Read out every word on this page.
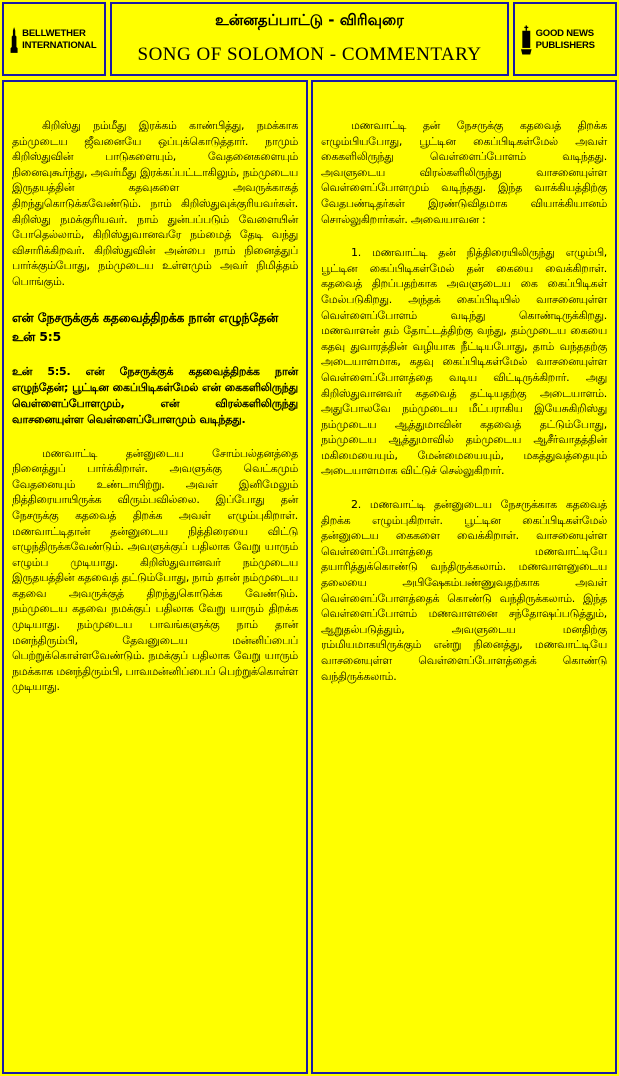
BELLWETHER INTERNATIONAL
உன்னதப்பாட்டு - விரிவுரை
SONG OF SOLOMON - COMMENTARY
GOOD NEWS PUBLISHERS

கிறிஸ்து நம்மீது இரக்கம் காண்பித்து, நமக்காக தம்முடைய ஜீவனையே ஒப்புக்கொடுத்தார். நாமும் கிறிஸ்துவின் பாடுகளையும், வேதனைகளையும் நினைவுகூர்ந்து, அவர்மீது இரக்கப்பட்டாகிலும், நம்முடைய இருதயத்தின் கதவுகளை அவருக்காகத் திறந்துகொடுக்கவேண்டும். நாம் கிறிஸ்துவுக்குரியவர்கள். கிறிஸ்து நமக்குரியவர். நாம் துன்பப்படும் வேளையின் போதெல்லாம், கிறிஸ்துவானவரே நம்மைத் தேடி வந்து விசாரிக்கிறவர். கிறிஸ்துவின் அன்பை நாம் நினைத்துப் பார்க்கும்போது, நம்முடைய உள்ளமும் அவர் நிமித்தம் பொங்கும்.

என் நேசருக்குக் கதவைத்திறக்க நான் எழுந்தேன் உன் 5:5

உன் 5:5. என் நேசருக்குக் கதவைத்திறக்க நான் எழுந்தேன்; பூட்டின கைப்பிடிகள்மேல் என் கைகளிலிருந்து வெள்ளைப்போளமும், என் விரல்களிலிருந்து வாசனையுள்ள வெள்ளைப்போளமும் வடிந்தது.

மணவாட்டி தன்னுடைய சோம்பல்தனத்தை நினைத்துப் பார்க்கிறாள். அவளுக்கு வெட்கமும் வேதனையும் உண்டாயிற்று. அவள் இனிமேலும் நித்திரையாயிருக்க விரும்பவில்லை. இப்போது தன் நேசருக்கு கதவைத் திறக்க அவள் எழும்புகிறாள். மணவாட்டிதான் தன்னுடைய நித்திரையை விட்டு எழுந்திருக்கவேண்டும். அவளுக்குப் பதிலாக வேறு யாரும் எழும்ப முடியாது. கிறிஸ்துவானவர் நம்முடைய இருதயத்தின் கதவைத் தட்டும்போது, நாம் தான் நம்முடைய கதவை அவருக்குத் திறந்துகொடுக்க வேண்டும். நம்முடைய கதவை நமக்குப் பதிலாக வேறு யாரும் திறக்க முடியாது. நம்முடைய பாவங்களுக்கு நாம் தான் மனந்திரும்பி, தேவனுடைய மன்னிப்பைப் பெற்றுக்கொள்ளவேண்டும். நமக்குப் பதிலாக வேறு யாரும் நமக்காக மனந்திரும்பி, பாவமன்னிப்பைப் பெற்றுக்கொள்ள முடியாது.

மணவாட்டி தன் நேசருக்கு கதவைத் திறக்க எழும்பியபோது, பூட்டின கைப்பிடிகள்மேல் அவள் கைகளிலிருந்து வெள்ளைப்போளம் வடிந்தது. அவளுடைய விரல்களிலிருந்து வாசனையுள்ள வெள்ளைப்போளமும் வடிந்தது. இந்த வாக்கியத்திற்கு வேதபண்டிதர்கள் இரண்டுவிதமாக வியாக்கியானம் சொல்லுகிறார்கள். அவையாவன :

1. மணவாட்டி தன் நித்திரையிலிருந்து எழும்பி, பூட்டின கைப்பிடிகள்மேல் தன் கையை வைக்கிறாள். கதவைத் திறப்பதற்காக அவளுடைய கை கைப்பிடிகள் மேல்படுகிறது. அந்தக் கைப்பிடியில் வாசனையுள்ள வெள்ளைப்போளம் வடிந்து கொண்டிருக்கிறது. மணவாளன் தம் தோட்டத்திற்கு வந்து, தம்முடைய கையை கதவு துவாரத்தின் வழியாக நீட்டியபோது, தாம் வந்ததற்கு அடையாளமாக, கதவு கைப்பிடிகள்மேல் வாசனையுள்ள வெள்ளைப்போளத்தை வடிய விட்டிருக்கிறார். அது கிறிஸ்துவானவர் கதவைத் தட்டியதற்கு அடையாளம். அதுபோலவே நம்முடைய மீட்பராகிய இயேசுகிறிஸ்து நம்முடைய ஆத்துமாவின் கதவைத் தட்டும்போது, நம்முடைய ஆத்துமாவில் தம்முடைய ஆசீர்வாதத்தின் மகிமையையும், மேன்மையையும், மகத்துவத்தையும் அடையாளமாக விட்டுச் செல்லுகிறார்.

2. மணவாட்டி தன்னுடைய நேசருக்காக கதவைத் திறக்க எழும்புகிறாள். பூட்டின கைப்பிடிகள்மேல் தன்னுடைய கைகளை வைக்கிறாள். வாசனையுள்ள வெள்ளைப்போளத்தை மணவாட்டியே தயாரித்துக்கொண்டு வந்திருக்கலாம். மணவாளனுடைய தலையை அபிஷேகம்பண்ணுவதற்காக அவள் வெள்ளைப்போளத்தைக் கொண்டு வந்திருக்கலாம். இந்த வெள்ளைப்போளம் மணவாளனை சந்தோஷப்படுத்தும், ஆறுதல்படுத்தும், அவளுடைய மனதிற்கு ரம்மியமாகயிருக்கும் என்று நினைத்து, மணவாட்டியே வாசனையுள்ள வெள்ளைப்போளத்தைக் கொண்டு வந்திருக்கலாம்.
